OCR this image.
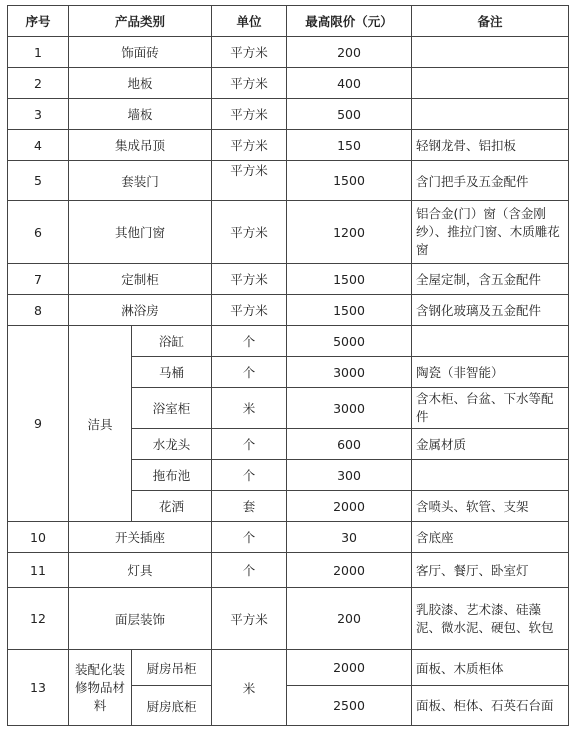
序号	产品类别		单位	最高限价（元）	备注
1	饰面砖		平方米	200	
2	地板		平方米	400	
3	墙板		平方米	500	
4	集成吊顶		平方米	150	轻钢龙骨、铝扣板
5	套装门		平方米	1500	含门把手及五金配件
6	其他门窗		平方米	1200	铝合金(门）窗（含金刚纱）、推拉门窗、木质雕花窗
7	定制柜		平方米	1500	全屋定制，含五金配件
8	淋浴房		平方米	1500	含钢化玻璃及五金配件
9	洁具	浴缸	个	5000	
		马桶	个	3000	陶瓷（非智能）
		浴室柜	米	3000	含木柜、台盆、下水等配件
		水龙头	个	600	金属材质
		拖布池	个	300	
		花洒	套	2000	含喷头、软管、支架
10	开关插座		个	30	含底座
11	灯具		个	2000	客厅、餐厅、卧室灯
12	面层装饰		平方米	200	乳胶漆、艺术漆、硅藻泥、微水泥、硬包、软包
13	装配化装修物品材料	厨房吊柜	米	2000	面板、木质柜体
		厨房底柜		2500	面板、柜体、石英石台面
